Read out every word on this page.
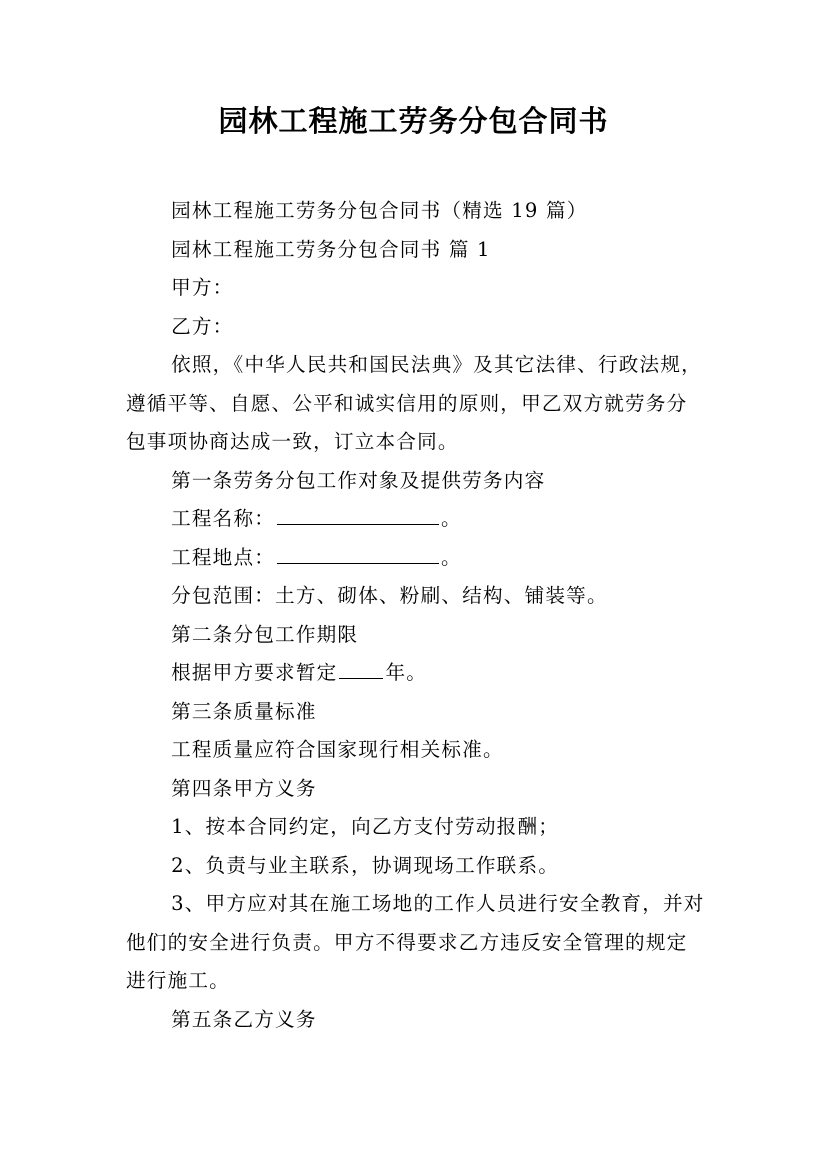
园林工程施工劳务分包合同书

园林工程施工劳务分包合同书（精选 19 篇）

园林工程施工劳务分包合同书 篇 1

甲方：

乙方：

依照，《中华人民共和国民法典》及其它法律、行政法规，遵循平等、自愿、公平和诚实信用的原则，甲乙双方就劳务分包事项协商达成一致，订立本合同。

第一条劳务分包工作对象及提供劳务内容

工程名称：	。

工程地点：	。

分包范围：土方、砌体、粉刷、结构、铺装等。

第二条分包工作期限

根据甲方要求暂定 年。

第三条质量标准

工程质量应符合国家现行相关标准。

第四条甲方义务

1、按本合同约定，向乙方支付劳动报酬；

2、负责与业主联系，协调现场工作联系。

3、甲方应对其在施工场地的工作人员进行安全教育，并对他们的安全进行负责。甲方不得要求乙方违反安全管理的规定进行施工。

第五条乙方义务
